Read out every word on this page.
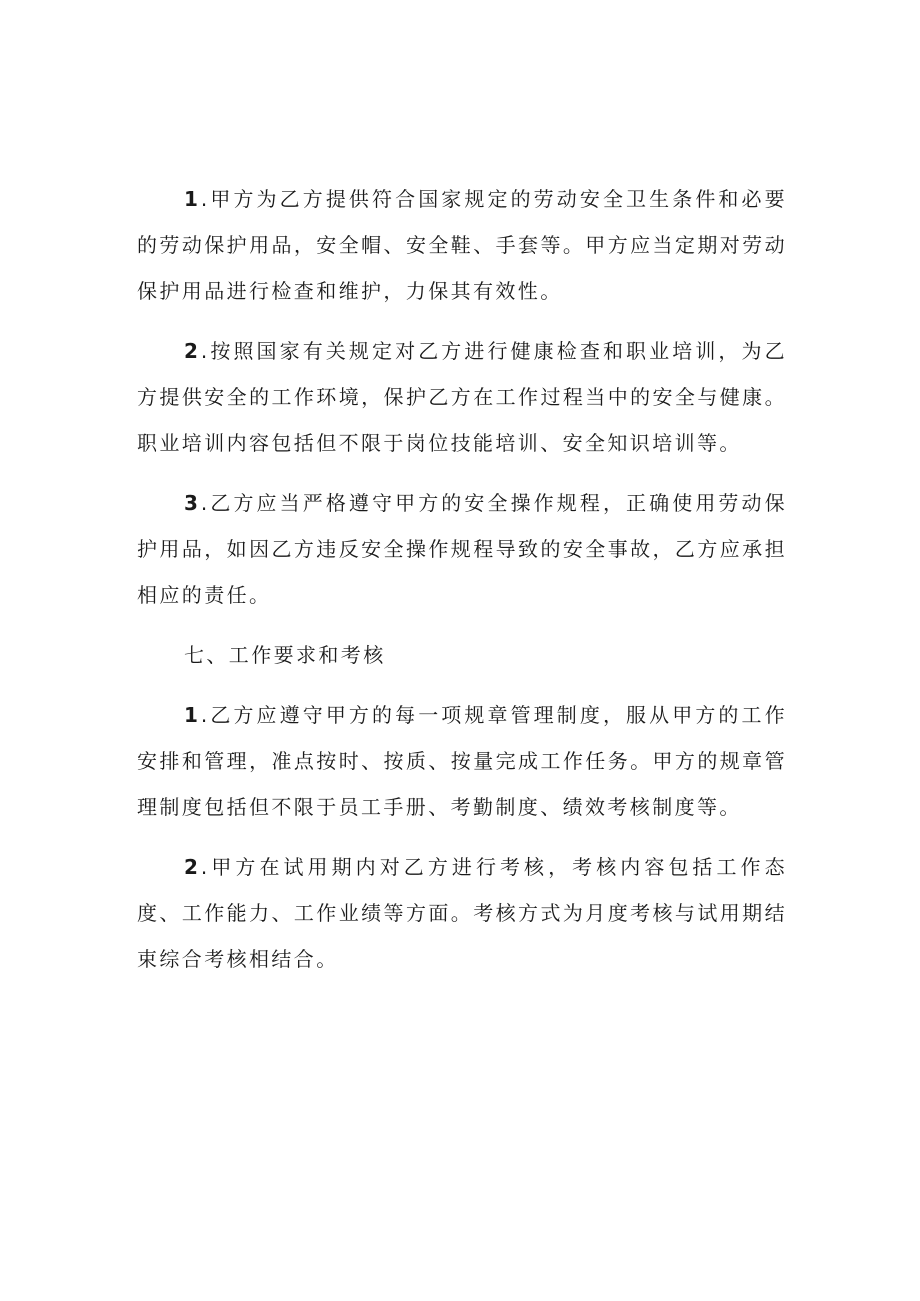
1.甲方为乙方提供符合国家规定的劳动安全卫生条件和必要的劳动保护用品，安全帽、安全鞋、手套等。甲方应当定期对劳动保护用品进行检查和维护，力保其有效性。

2.按照国家有关规定对乙方进行健康检查和职业培训，为乙方提供安全的工作环境，保护乙方在工作过程当中的安全与健康。职业培训内容包括但不限于岗位技能培训、安全知识培训等。

3.乙方应当严格遵守甲方的安全操作规程，正确使用劳动保护用品，如因乙方违反安全操作规程导致的安全事故，乙方应承担相应的责任。

七、工作要求和考核

1.乙方应遵守甲方的每一项规章管理制度，服从甲方的工作安排和管理，准点按时、按质、按量完成工作任务。甲方的规章管理制度包括但不限于员工手册、考勤制度、绩效考核制度等。

2.甲方在试用期内对乙方进行考核，考核内容包括工作态度、工作能力、工作业绩等方面。考核方式为月度考核与试用期结束综合考核相结合。
